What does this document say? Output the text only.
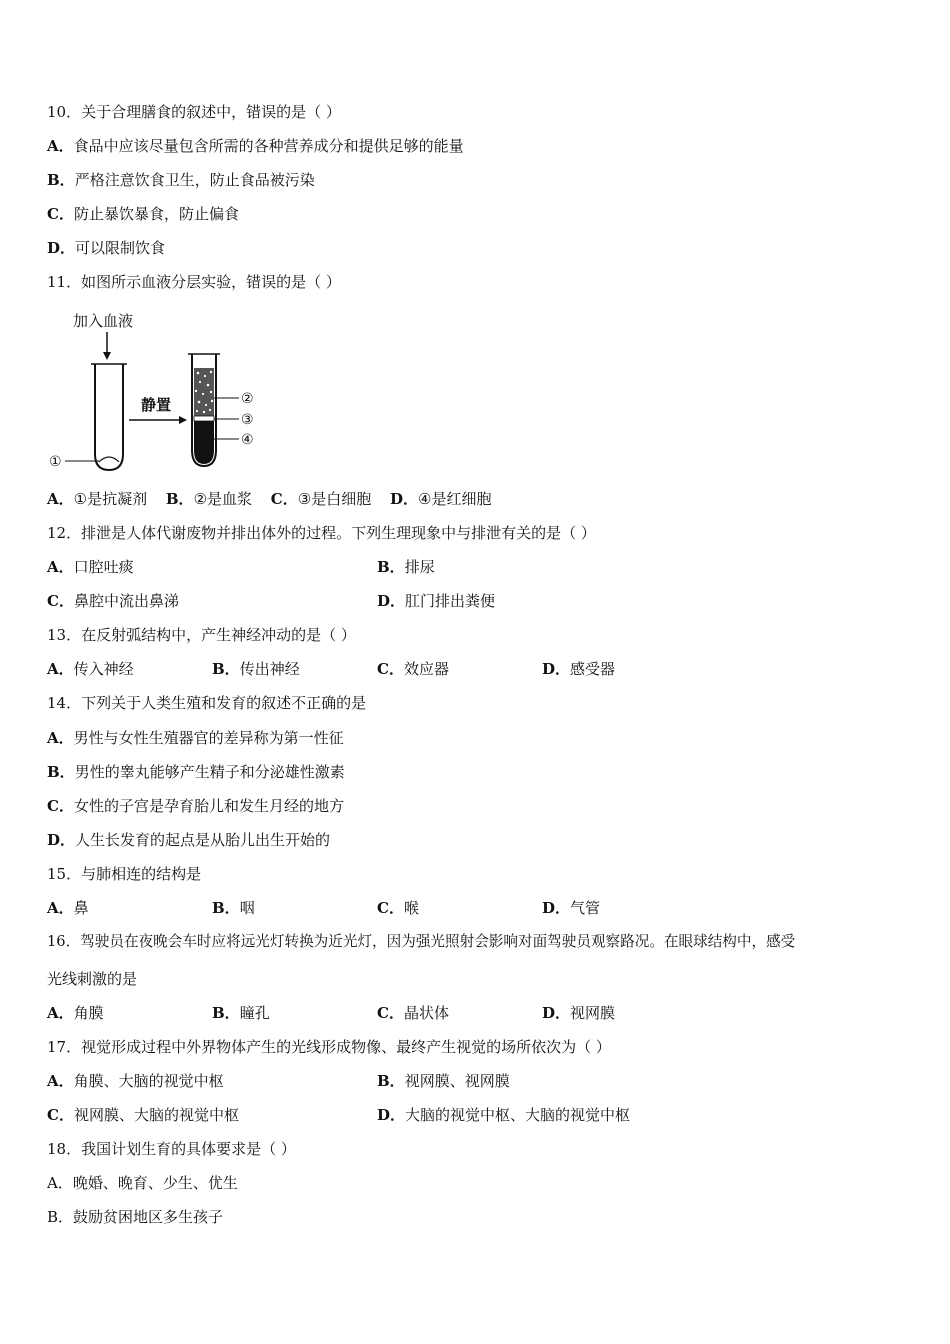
10．关于合理膳食的叙述中，错误的是（ ）
A．食品中应该尽量包含所需的各种营养成分和提供足够的能量
B．严格注意饮食卫生，防止食品被污染
C．防止暴饮暴食，防止偏食
D．可以限制饮食
11．如图所示血液分层实验，错误的是（ ）
加入血液
①
静置	②
③
④
A．①是抗凝剂 B．②是血浆 C．③是白细胞 D．④是红细胞
12．排泄是人体代谢废物并排出体外的过程。下列生理现象中与排泄有关的是（ ）
A．口腔吐痰	B．排尿
C．鼻腔中流出鼻涕	D．肛门排出粪便
13．在反射弧结构中，产生神经冲动的是（ ）
A．传入神经	B．传出神经	C．效应器	D．感受器
14．下列关于人类生殖和发育的叙述不正确的是
A．男性与女性生殖器官的差异称为第一性征
B．男性的睾丸能够产生精子和分泌雄性激素
C．女性的子宫是孕育胎儿和发生月经的地方
D．人生长发育的起点是从胎儿出生开始的
15．与肺相连的结构是
A．鼻	B．咽	C．喉	D．气管
16．驾驶员在夜晚会车时应将远光灯转换为近光灯，因为强光照射会影响对面驾驶员观察路况。在眼球结构中，感受
光线刺激的是
A．角膜	B．瞳孔	C．晶状体	D．视网膜
17．视觉形成过程中外界物体产生的光线形成物像、最终产生视觉的场所依次为（ ）
A．角膜、大脑的视觉中枢	B．视网膜、视网膜
C．视网膜、大脑的视觉中枢	D．大脑的视觉中枢、大脑的视觉中枢
18．我国计划生育的具体要求是（ ）
A．晚婚、晚育、少生、优生
B．鼓励贫困地区多生孩子
